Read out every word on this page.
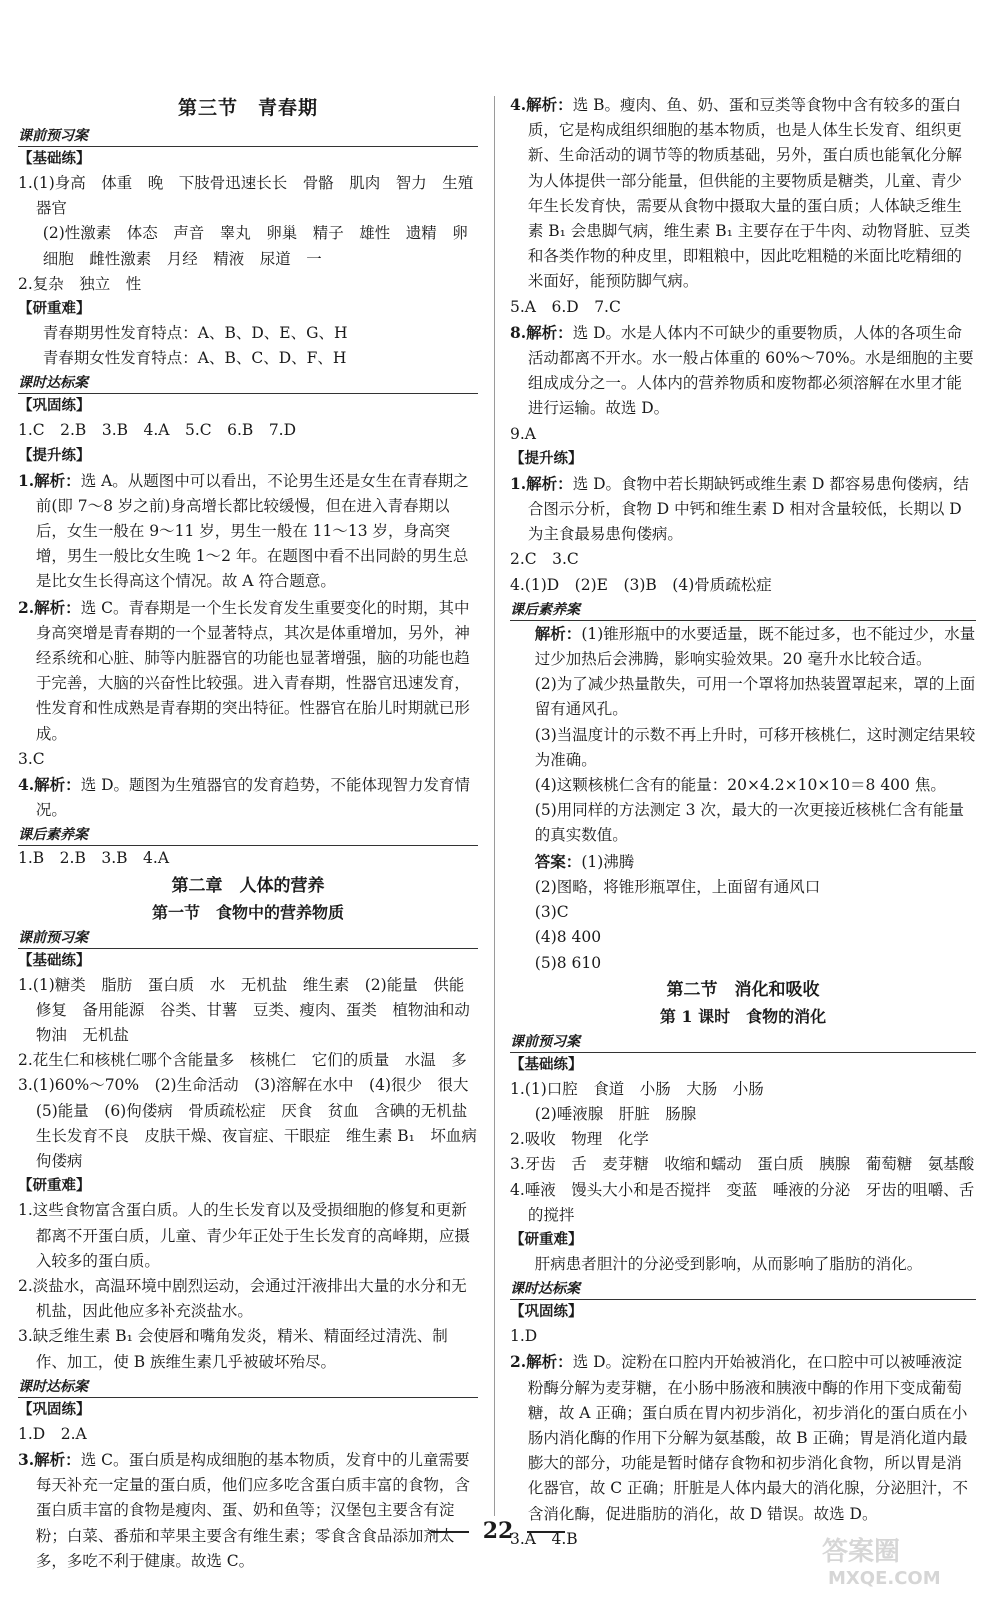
第三节　青春期
课前预习案
【基础练】
1.(1)身高　体重　晚　下肢骨迅速长长　骨骼　肌肉　智力　生殖器官
(2)性激素　体态　声音　睾丸　卵巢　精子　雄性　遗精　卵细胞　雌性激素　月经　精液　尿道　一
2.复杂　独立　性
【研重难】
青春期男性发育特点：A、B、D、E、G、H
青春期女性发育特点：A、B、C、D、F、H
课时达标案
【巩固练】
1.C　2.B　3.B　4.A　5.C　6.B　7.D
【提升练】
1.解析：选 A。从题图中可以看出，不论男生还是女生在青春期之前(即 7～8 岁之前)身高增长都比较缓慢，但在进入青春期以后，女生一般在 9～11 岁，男生一般在 11～13 岁，身高突增，男生一般比女生晚 1～2 年。在题图中看不出同龄的男生总是比女生长得高这个情况。故 A 符合题意。
2.解析：选 C。青春期是一个生长发育发生重要变化的时期，其中身高突增是青春期的一个显著特点，其次是体重增加，另外，神经系统和心脏、肺等内脏器官的功能也显著增强，脑的功能也趋于完善，大脑的兴奋性比较强。进入青春期，性器官迅速发育，性发育和性成熟是青春期的突出特征。性器官在胎儿时期就已形成。
3.C
4.解析：选 D。题图为生殖器官的发育趋势，不能体现智力发育情况。
课后素养案
1.B　2.B　3.B　4.A
第二章　人体的营养
第一节　食物中的营养物质
课前预习案
【基础练】
1.(1)糖类　脂肪　蛋白质　水　无机盐　维生素　(2)能量　供能　修复　备用能源　谷类、甘薯　豆类、瘦肉、蛋类　植物油和动物油　无机盐
2.花生仁和核桃仁哪个含能量多　核桃仁　它们的质量　水温　多
3.(1)60%～70%　(2)生命活动　(3)溶解在水中　(4)很少　很大　(5)能量　(6)佝偻病　骨质疏松症　厌食　贫血　含碘的无机盐　生长发育不良　皮肤干燥、夜盲症、干眼症　维生素 B₁　坏血病　佝偻病
【研重难】
1.这些食物富含蛋白质。人的生长发育以及受损细胞的修复和更新都离不开蛋白质，儿童、青少年正处于生长发育的高峰期，应摄入较多的蛋白质。
2.淡盐水，高温环境中剧烈运动，会通过汗液排出大量的水分和无机盐，因此他应多补充淡盐水。
3.缺乏维生素 B₁ 会使唇和嘴角发炎，精米、精面经过清洗、制作、加工，使 B 族维生素几乎被破坏殆尽。
课时达标案
【巩固练】
1.D　2.A
3.解析：选 C。蛋白质是构成细胞的基本物质，发育中的儿童需要每天补充一定量的蛋白质，他们应多吃含蛋白质丰富的食物，含蛋白质丰富的食物是瘦肉、蛋、奶和鱼等；汉堡包主要含有淀粉；白菜、番茄和苹果主要含有维生素；零食含食品添加剂太多，多吃不利于健康。故选 C。
4.解析：选 B。瘦肉、鱼、奶、蛋和豆类等食物中含有较多的蛋白质，它是构成组织细胞的基本物质，也是人体生长发育、组织更新、生命活动的调节等的物质基础，另外，蛋白质也能氧化分解为人体提供一部分能量，但供能的主要物质是糖类，儿童、青少年生长发育快，需要从食物中摄取大量的蛋白质；人体缺乏维生素 B₁ 会患脚气病，维生素 B₁ 主要存在于牛肉、动物肾脏、豆类和各类作物的种皮里，即粗粮中，因此吃粗糙的米面比吃精细的米面好，能预防脚气病。
5.A　6.D　7.C
8.解析：选 D。水是人体内不可缺少的重要物质，人体的各项生命活动都离不开水。水一般占体重的 60%～70%。水是细胞的主要组成成分之一。人体内的营养物质和废物都必须溶解在水里才能进行运输。故选 D。
9.A
【提升练】
1.解析：选 D。食物中若长期缺钙或维生素 D 都容易患佝偻病，结合图示分析，食物 D 中钙和维生素 D 相对含量较低，长期以 D 为主食最易患佝偻病。
2.C　3.C
4.(1)D　(2)E　(3)B　(4)骨质疏松症
课后素养案
解析：(1)锥形瓶中的水要适量，既不能过多，也不能过少，水量过少加热后会沸腾，影响实验效果。20 毫升水比较合适。
(2)为了减少热量散失，可用一个罩将加热装置罩起来，罩的上面留有通风孔。
(3)当温度计的示数不再上升时，可移开核桃仁，这时测定结果较为准确。
(4)这颗核桃仁含有的能量：20×4.2×10×10＝8 400 焦。
(5)用同样的方法测定 3 次，最大的一次更接近核桃仁含有能量的真实数值。
答案：(1)沸腾
(2)图略，将锥形瓶罩住，上面留有通风口
(3)C
(4)8 400
(5)8 610
第二节　消化和吸收
第 1 课时　食物的消化
课前预习案
【基础练】
1.(1)口腔　食道　小肠　大肠　小肠
(2)唾液腺　肝脏　肠腺
2.吸收　物理　化学
3.牙齿　舌　麦芽糖　收缩和蠕动　蛋白质　胰腺　葡萄糖　氨基酸
4.唾液　馒头大小和是否搅拌　变蓝　唾液的分泌　牙齿的咀嚼、舌的搅拌
【研重难】
肝病患者胆汁的分泌受到影响，从而影响了脂肪的消化。
课时达标案
【巩固练】
1.D
2.解析：选 D。淀粉在口腔内开始被消化，在口腔中可以被唾液淀粉酶分解为麦芽糖，在小肠中肠液和胰液中酶的作用下变成葡萄糖，故 A 正确；蛋白质在胃内初步消化，初步消化的蛋白质在小肠内消化酶的作用下分解为氨基酸，故 B 正确；胃是消化道内最膨大的部分，功能是暂时储存食物和初步消化食物，所以胃是消化器官，故 C 正确；肝脏是人体内最大的消化腺，分泌胆汁，不含消化酶，促进脂肪的消化，故 D 错误。故选 D。
3.A　4.B
22
答案圈
MXQE.COM
